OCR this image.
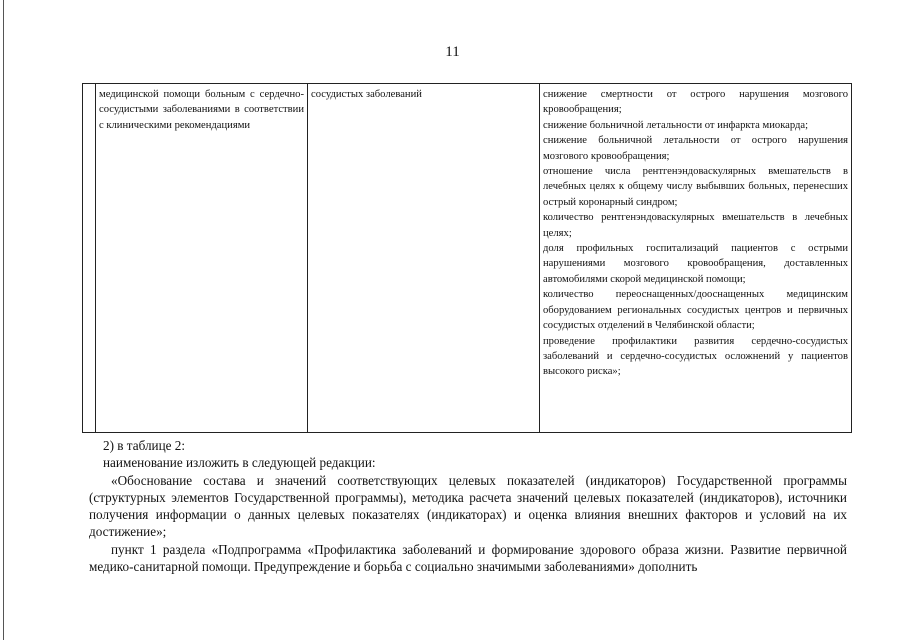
11
	медицинской помощи больным с сердечно-сосудистыми заболеваниями в соответствии с клиническими рекомендациями	сосудистых заболеваний	снижение смертности от острого нарушения мозгового кровообращения;
снижение больничной летальности от инфаркта миокарда;
снижение больничной летальности от острого нарушения мозгового кровообращения;
отношение числа рентгенэндоваскулярных вмешательств в лечебных целях к общему числу выбывших больных, перенесших острый коронарный синдром;
количество рентгенэндоваскулярных вмешательств в лечебных целях;
доля профильных госпитализаций пациентов с острыми нарушениями мозгового кровообращения, доставленных автомобилями скорой медицинской помощи;
количество переоснащенных/дооснащенных медицинским оборудованием региональных сосудистых центров и первичных сосудистых отделений в Челябинской области;
проведение профилактики развития сердечно-сосудистых заболеваний и сердечно-сосудистых осложнений у пациентов высокого риска»;

2) в таблице 2:

наименование изложить в следующей редакции:

«Обоснование состава и значений соответствующих целевых показателей (индикаторов) Государственной программы (структурных элементов Государственной программы), методика расчета значений целевых показателей (индикаторов), источники получения информации о данных целевых показателях (индикаторах) и оценка влияния внешних факторов и условий на их достижение»;

пункт 1 раздела «Подпрограмма «Профилактика заболеваний и формирование здорового образа жизни. Развитие первичной медико-санитарной помощи. Предупреждение и борьба с социально значимыми заболеваниями» дополнить
